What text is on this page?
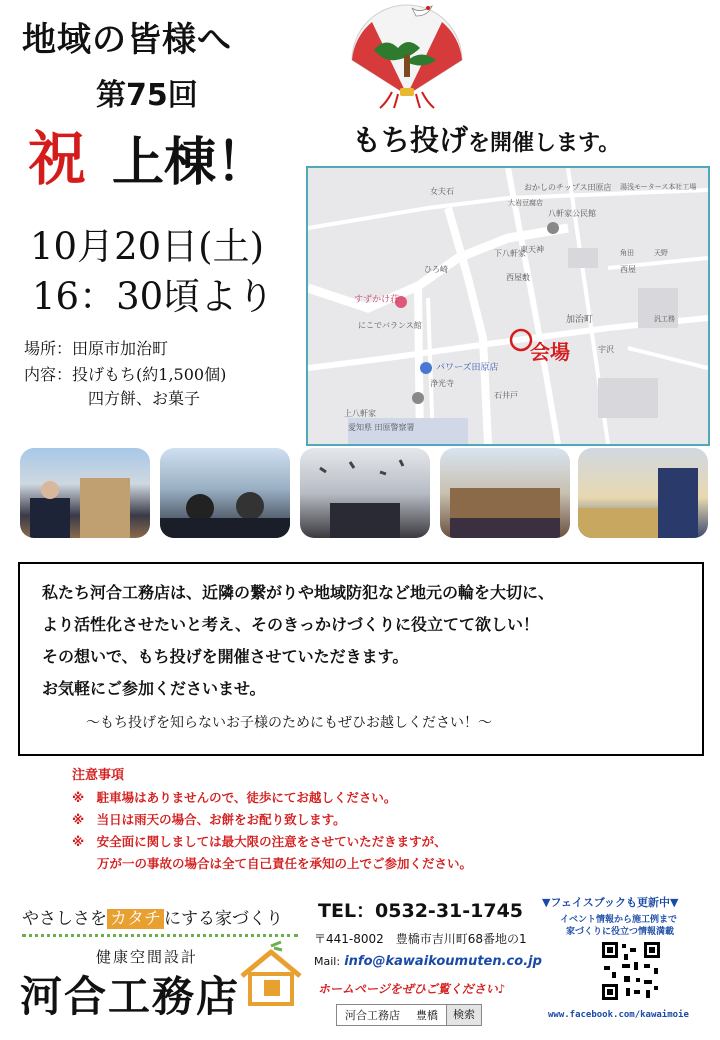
地域の皆様へ
第75回
祝 上棟！	もち投げを開催します。
10月20日(土)
16：30頃より
場所：田原市加治町
内容：投げもち(約1,500個)
四方餅、お菓子
会場
女夫石	おかしのチップス田原店
八軒家公民館
湯浅モータース本社工場
東天神
西屋敷
下八軒家
加治町
ひろ崎
すずかけ荘
にこでバランス館
パワーズ田原店
浄光寺
石井戸
愛知県 田原警察署
上八軒家
宇沢
天野
西屋
大岩豆腐店
角田
汎工務
私たち河合工務店は、近隣の繋がりや地域防犯など地元の輪を大切に、
より活性化させたいと考え、そのきっかけづくりに役立てて欲しい！
その想いで、もち投げを開催させていただきます。
お気軽にご参加くださいませ。
～もち投げを知らないお子様のためにもぜひお越しください！～
注意事項
※　駐車場はありませんので、徒歩にてお越しください。
※　当日は雨天の場合、お餅をお配り致します。
※　安全面に関しましては最大限の注意をさせていただきますが、
　　万が一の事故の場合は全て自己責任を承知の上でご参加ください。
やさしさを カタチ にする家づくり
健康空間設計
河合工務店
TEL：0532-31-1745
〒441-8002　豊橋市吉川町68番地の1
Mail: info@kawaikoumuten.co.jp
ホームページをぜひご覧ください♪
河合工務店	豊橋	検索
▼フェイスブックも更新中▼
イベント情報から施工例まで
家づくりに役立つ情報満載
www.facebook.com/kawaimoie
